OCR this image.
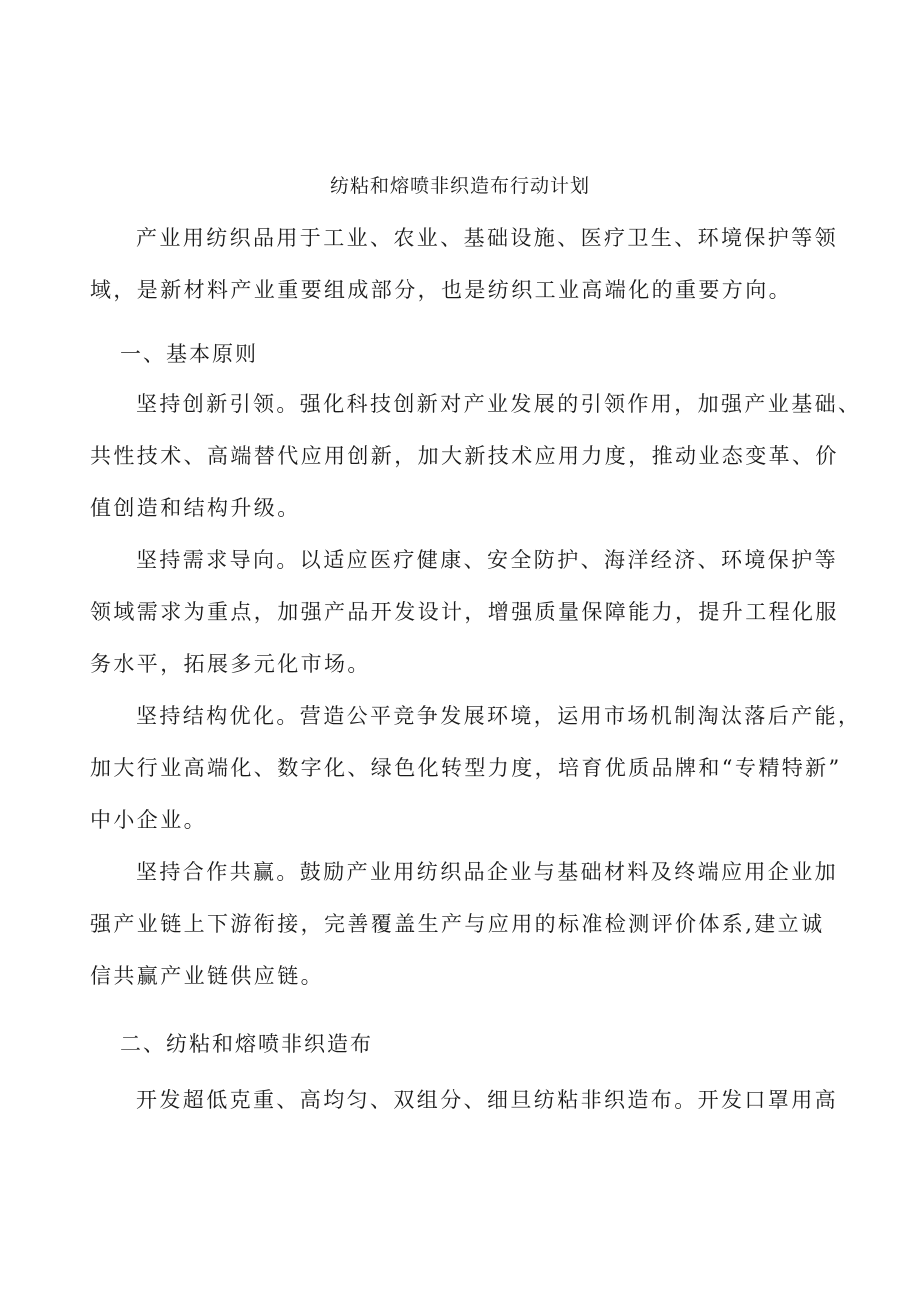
纺粘和熔喷非织造布行动计划
产业用纺织品用于工业、农业、基础设施、医疗卫生、环境保护等领
域，是新材料产业重要组成部分，也是纺织工业高端化的重要方向。
一、基本原则
坚持创新引领。强化科技创新对产业发展的引领作用，加强产业基础、
共性技术、高端替代应用创新，加大新技术应用力度，推动业态变革、价
值创造和结构升级。
坚持需求导向。以适应医疗健康、安全防护、海洋经济、环境保护等
领域需求为重点，加强产品开发设计，增强质量保障能力，提升工程化服
务水平，拓展多元化市场。
坚持结构优化。营造公平竞争发展环境，运用市场机制淘汰落后产能，
加大行业高端化、数字化、绿色化转型力度，培育优质品牌和“专精特新”
中小企业。
坚持合作共赢。鼓励产业用纺织品企业与基础材料及终端应用企业加
强产业链上下游衔接，完善覆盖生产与应用的标准检测评价体系,建立诚
信共赢产业链供应链。
二、纺粘和熔喷非织造布
开发超低克重、高均匀、双组分、细旦纺粘非织造布。开发口罩用高
